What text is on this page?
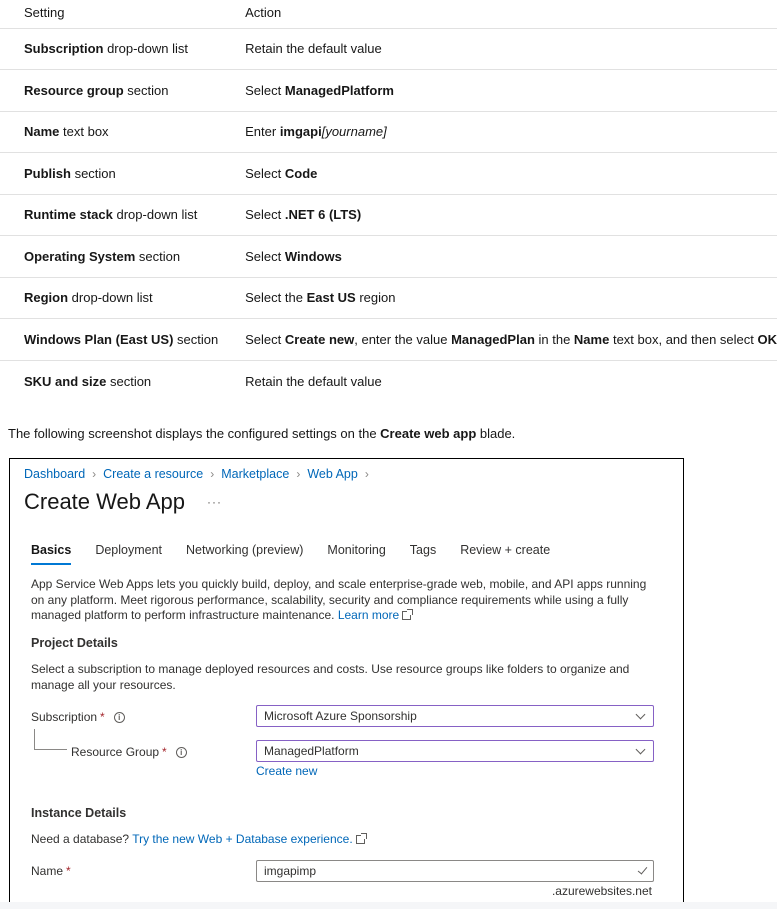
Setting	Action
Subscription drop-down list	Retain the default value
Resource group section	Select ManagedPlatform
Name text box	Enter imgapi[yourname]
Publish section	Select Code
Runtime stack drop-down list	Select .NET 6 (LTS)
Operating System section	Select Windows
Region drop-down list	Select the East US region
Windows Plan (East US) section	Select Create new, enter the value ManagedPlan in the Name text box, and then select OK
SKU and size section	Retain the default value

The following screenshot displays the configured settings on the Create web app blade.

Dashboard › Create a resource › Marketplace › Web App ›
Create Web App ···
Basics Deployment Networking (preview) Monitoring Tags Review + create

App Service Web Apps lets you quickly build, deploy, and scale enterprise-grade web, mobile, and API apps running on any platform. Meet rigorous performance, scalability, security and compliance requirements while using a fully managed platform to perform infrastructure maintenance. Learn more

Project Details

Select a subscription to manage deployed resources and costs. Use resource groups like folders to organize and manage all your resources.

Subscription *	i	Microsoft Azure Sponsorship
Resource Group *	i	ManagedPlatform
Create new
Instance Details

Need a database? Try the new Web + Database experience.

Name *	imgapimp
.azurewebsites.net
